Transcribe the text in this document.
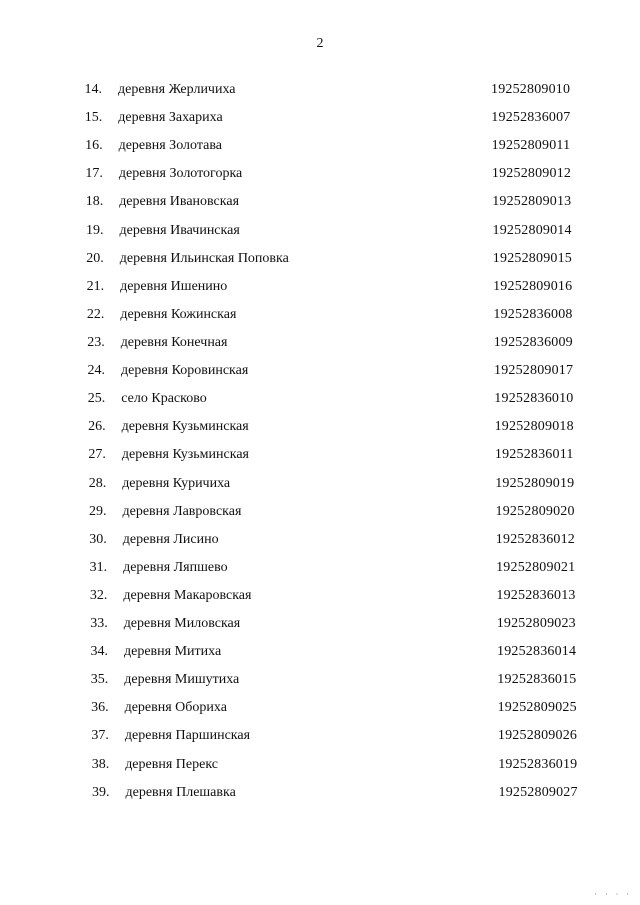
2
14. деревня Жерличиха	19252809010
15. деревня Захариха	19252836007
16. деревня Золотава	19252809011
17. деревня Золотогорка	19252809012
18. деревня Ивановская	19252809013
19. деревня Ивачинская	19252809014
20. деревня Ильинская Поповка	19252809015
21. деревня Ишенино	19252809016
22. деревня Кожинская	19252836008
23. деревня Конечная	19252836009
24. деревня Коровинская	19252809017
25. село Красково	19252836010
26. деревня Кузьминская	19252809018
27. деревня Кузьминская	19252836011
28. деревня Куричиха	19252809019
29. деревня Лавровская	19252809020
30. деревня Лисино	19252836012
31. деревня Ляпшево	19252809021
32. деревня Макаровская	19252836013
33. деревня Миловская	19252809023
34. деревня Митиха	19252836014
35. деревня Мишутиха	19252836015
36. деревня Обориха	19252809025
37. деревня Паршинская	19252809026
38. деревня Перекс	19252836019
39. деревня Плешавка	19252809027
· · · ·
